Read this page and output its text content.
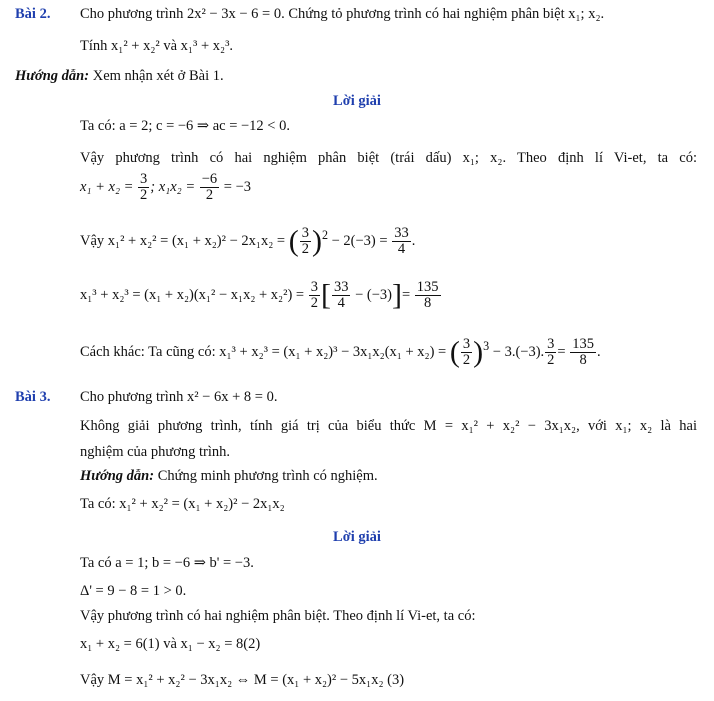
Bài 2. Cho phương trình 2x² − 3x − 6 = 0. Chứng tỏ phương trình có hai nghiệm phân biệt x₁; x₂.
Tính x₁² + x₂² và x₁³ + x₂³.
Hướng dẫn: Xem nhận xét ở Bài 1.
Lời giải
Ta có: a = 2; c = −6 ⇒ ac = −12 < 0.
Vậy phương trình có hai nghiệm phân biệt (trái dấu) x₁; x₂. Theo định lí Vi-et, ta có:
$x_1 + x_2 = \frac{3}{2}$ ; $x_1x_2 = \frac{-6}{2} = -3$
Vậy x₁² + x₂² = (x₁ + x₂)² − 2x₁x₂ = ( $\frac{3}{2} )^2 - 2(-3) = \frac{33}{4}$ .
$x_1^3 + x_2^3 = (x_1 + x_2)(x_1^2 - x_1x_2 + x_2^2) = \frac{3}{2}$ [ $\frac{33}{4} - (-3)]= \frac{135}{8}$
Cách khác: Ta cũng có: x₁³ + x₂³ = (x₁ + x₂)³ − 3x₁x₂(x₁ + x₂) = ( $\frac{3}{2} )^3 - 3.(-3)$. $\frac{3}{2} = \frac{135}{8}$ .
Bài 3. Cho phương trình x² − 6x + 8 = 0.
Không giải phương trình, tính giá trị của biểu thức M = x₁² + x₂² − 3x₁x₂, với x₁; x₂ là hai
nghiệm của phương trình.
Hướng dẫn: Chứng minh phương trình có nghiệm.
Ta có: x₁² + x₂² = (x₁ + x₂)² − 2x₁x₂
Lời giải
Ta có a = 1; b = −6 ⇒ b' = −3.
Δ' = 9 − 8 = 1 > 0.
Vậy phương trình có hai nghiệm phân biệt. Theo định lí Vi-et, ta có:
x₁ + x₂ = 6(1) và x₁ − x₂ = 8(2)
Vậy M = x₁² + x₂² − 3x₁x₂ ⇔ M = (x₁ + x₂)² − 5x₁x₂ (3)
